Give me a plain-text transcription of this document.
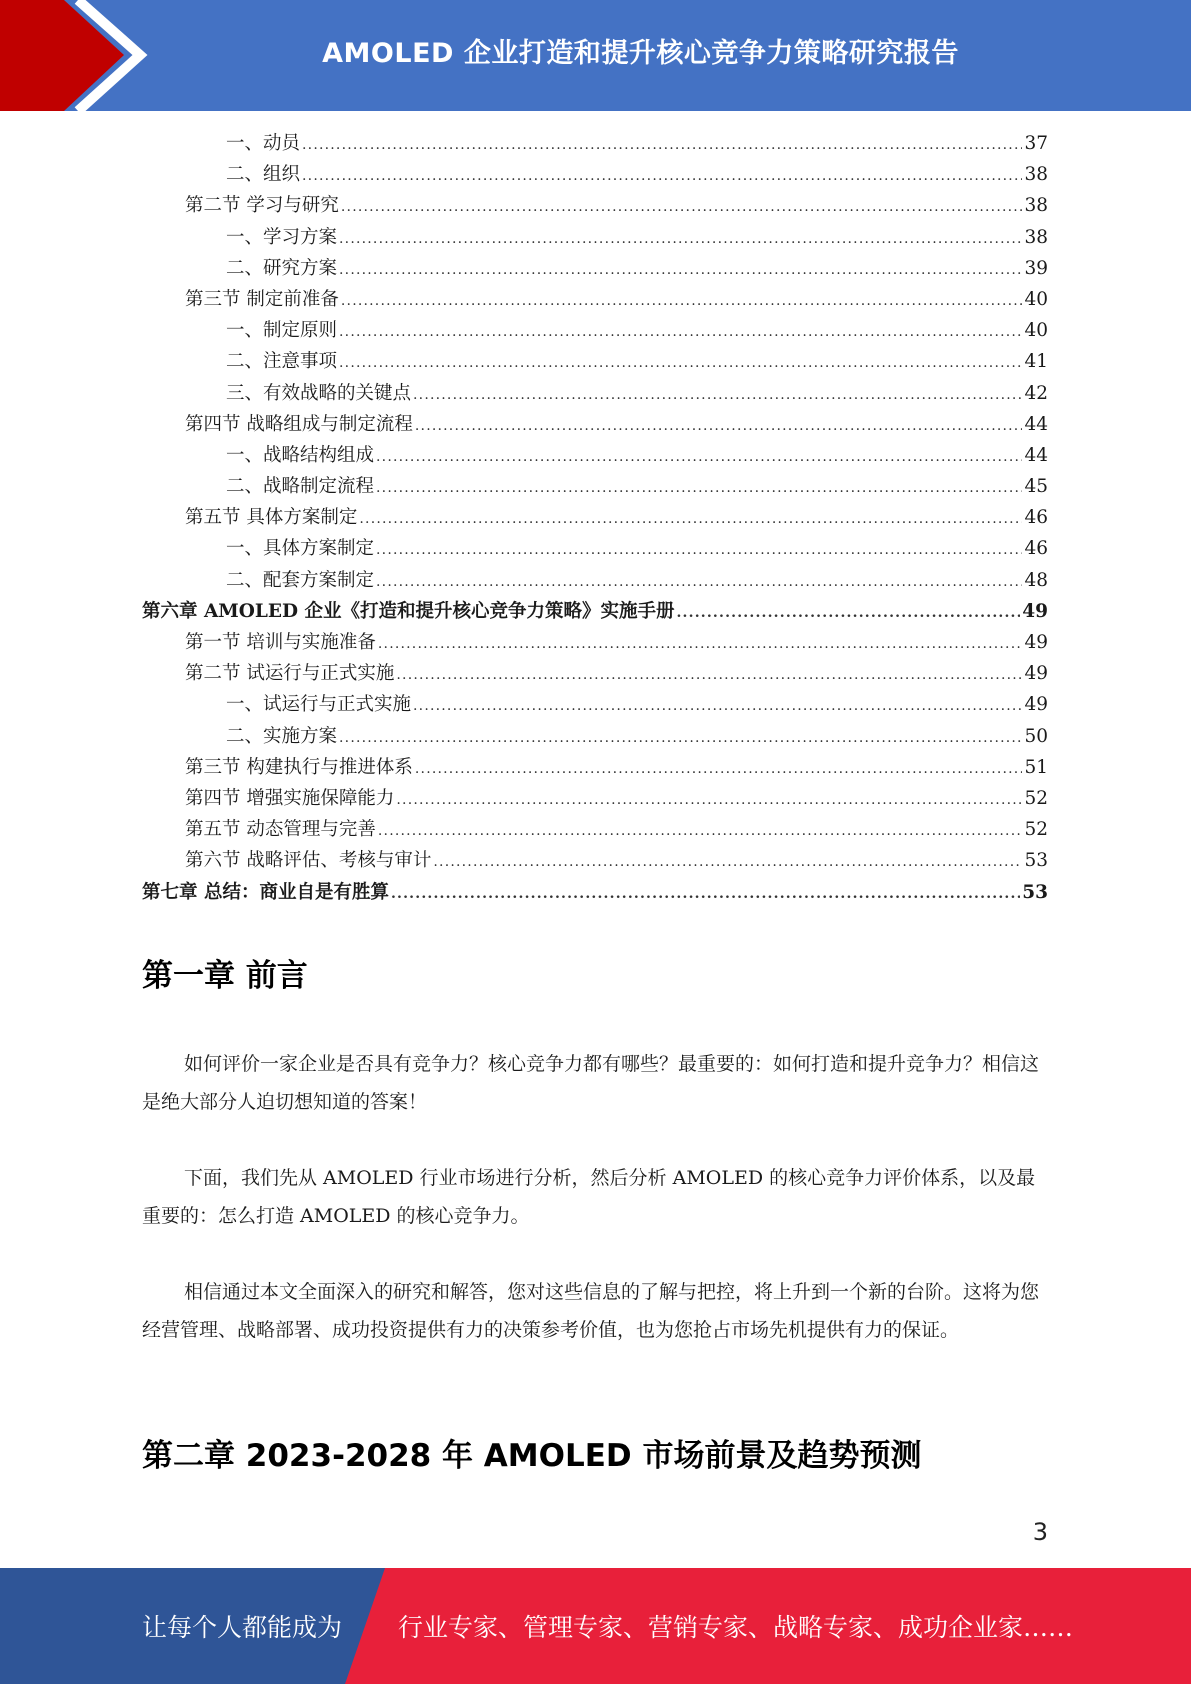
AMOLED 企业打造和提升核心竞争力策略研究报告
一、动员 .....	37
二、组织 .....	38
第二节 学习与研究 .....	38
一、学习方案 .....	38
二、研究方案 .....	39
第三节 制定前准备 .....	40
一、制定原则 .....	40
二、注意事项 .....	41
三、有效战略的关键点 .....	42
第四节 战略组成与制定流程 .....	44
一、战略结构组成 .....	44
二、战略制定流程 .....	45
第五节 具体方案制定 .....	46
一、具体方案制定 .....	46
二、配套方案制定 .....	48
第六章 AMOLED 企业《打造和提升核心竞争力策略》实施手册 .....	49
第一节 培训与实施准备 .....	49
第二节 试运行与正式实施 .....	49
一、试运行与正式实施 .....	49
二、实施方案 .....	50
第三节 构建执行与推进体系 .....	51
第四节 增强实施保障能力 .....	52
第五节 动态管理与完善 .....	52
第六节 战略评估、考核与审计 .....	53
第七章 总结：商业自是有胜算 .....	53
第一章 前言

如何评价一家企业是否具有竞争力？核心竞争力都有哪些？最重要的：如何打造和提升竞争力？相信这是绝大部分人迫切想知道的答案！

下面，我们先从 AMOLED 行业市场进行分析，然后分析 AMOLED 的核心竞争力评价体系，以及最重要的：怎么打造 AMOLED 的核心竞争力。

相信通过本文全面深入的研究和解答，您对这些信息的了解与把控，将上升到一个新的台阶。这将为您经营管理、战略部署、成功投资提供有力的决策参考价值，也为您抢占市场先机提供有力的保证。

第二章 2023-2028 年 AMOLED 市场前景及趋势预测
3
让每个人都能成为 行业专家、管理专家、营销专家、战略专家、成功企业家……
